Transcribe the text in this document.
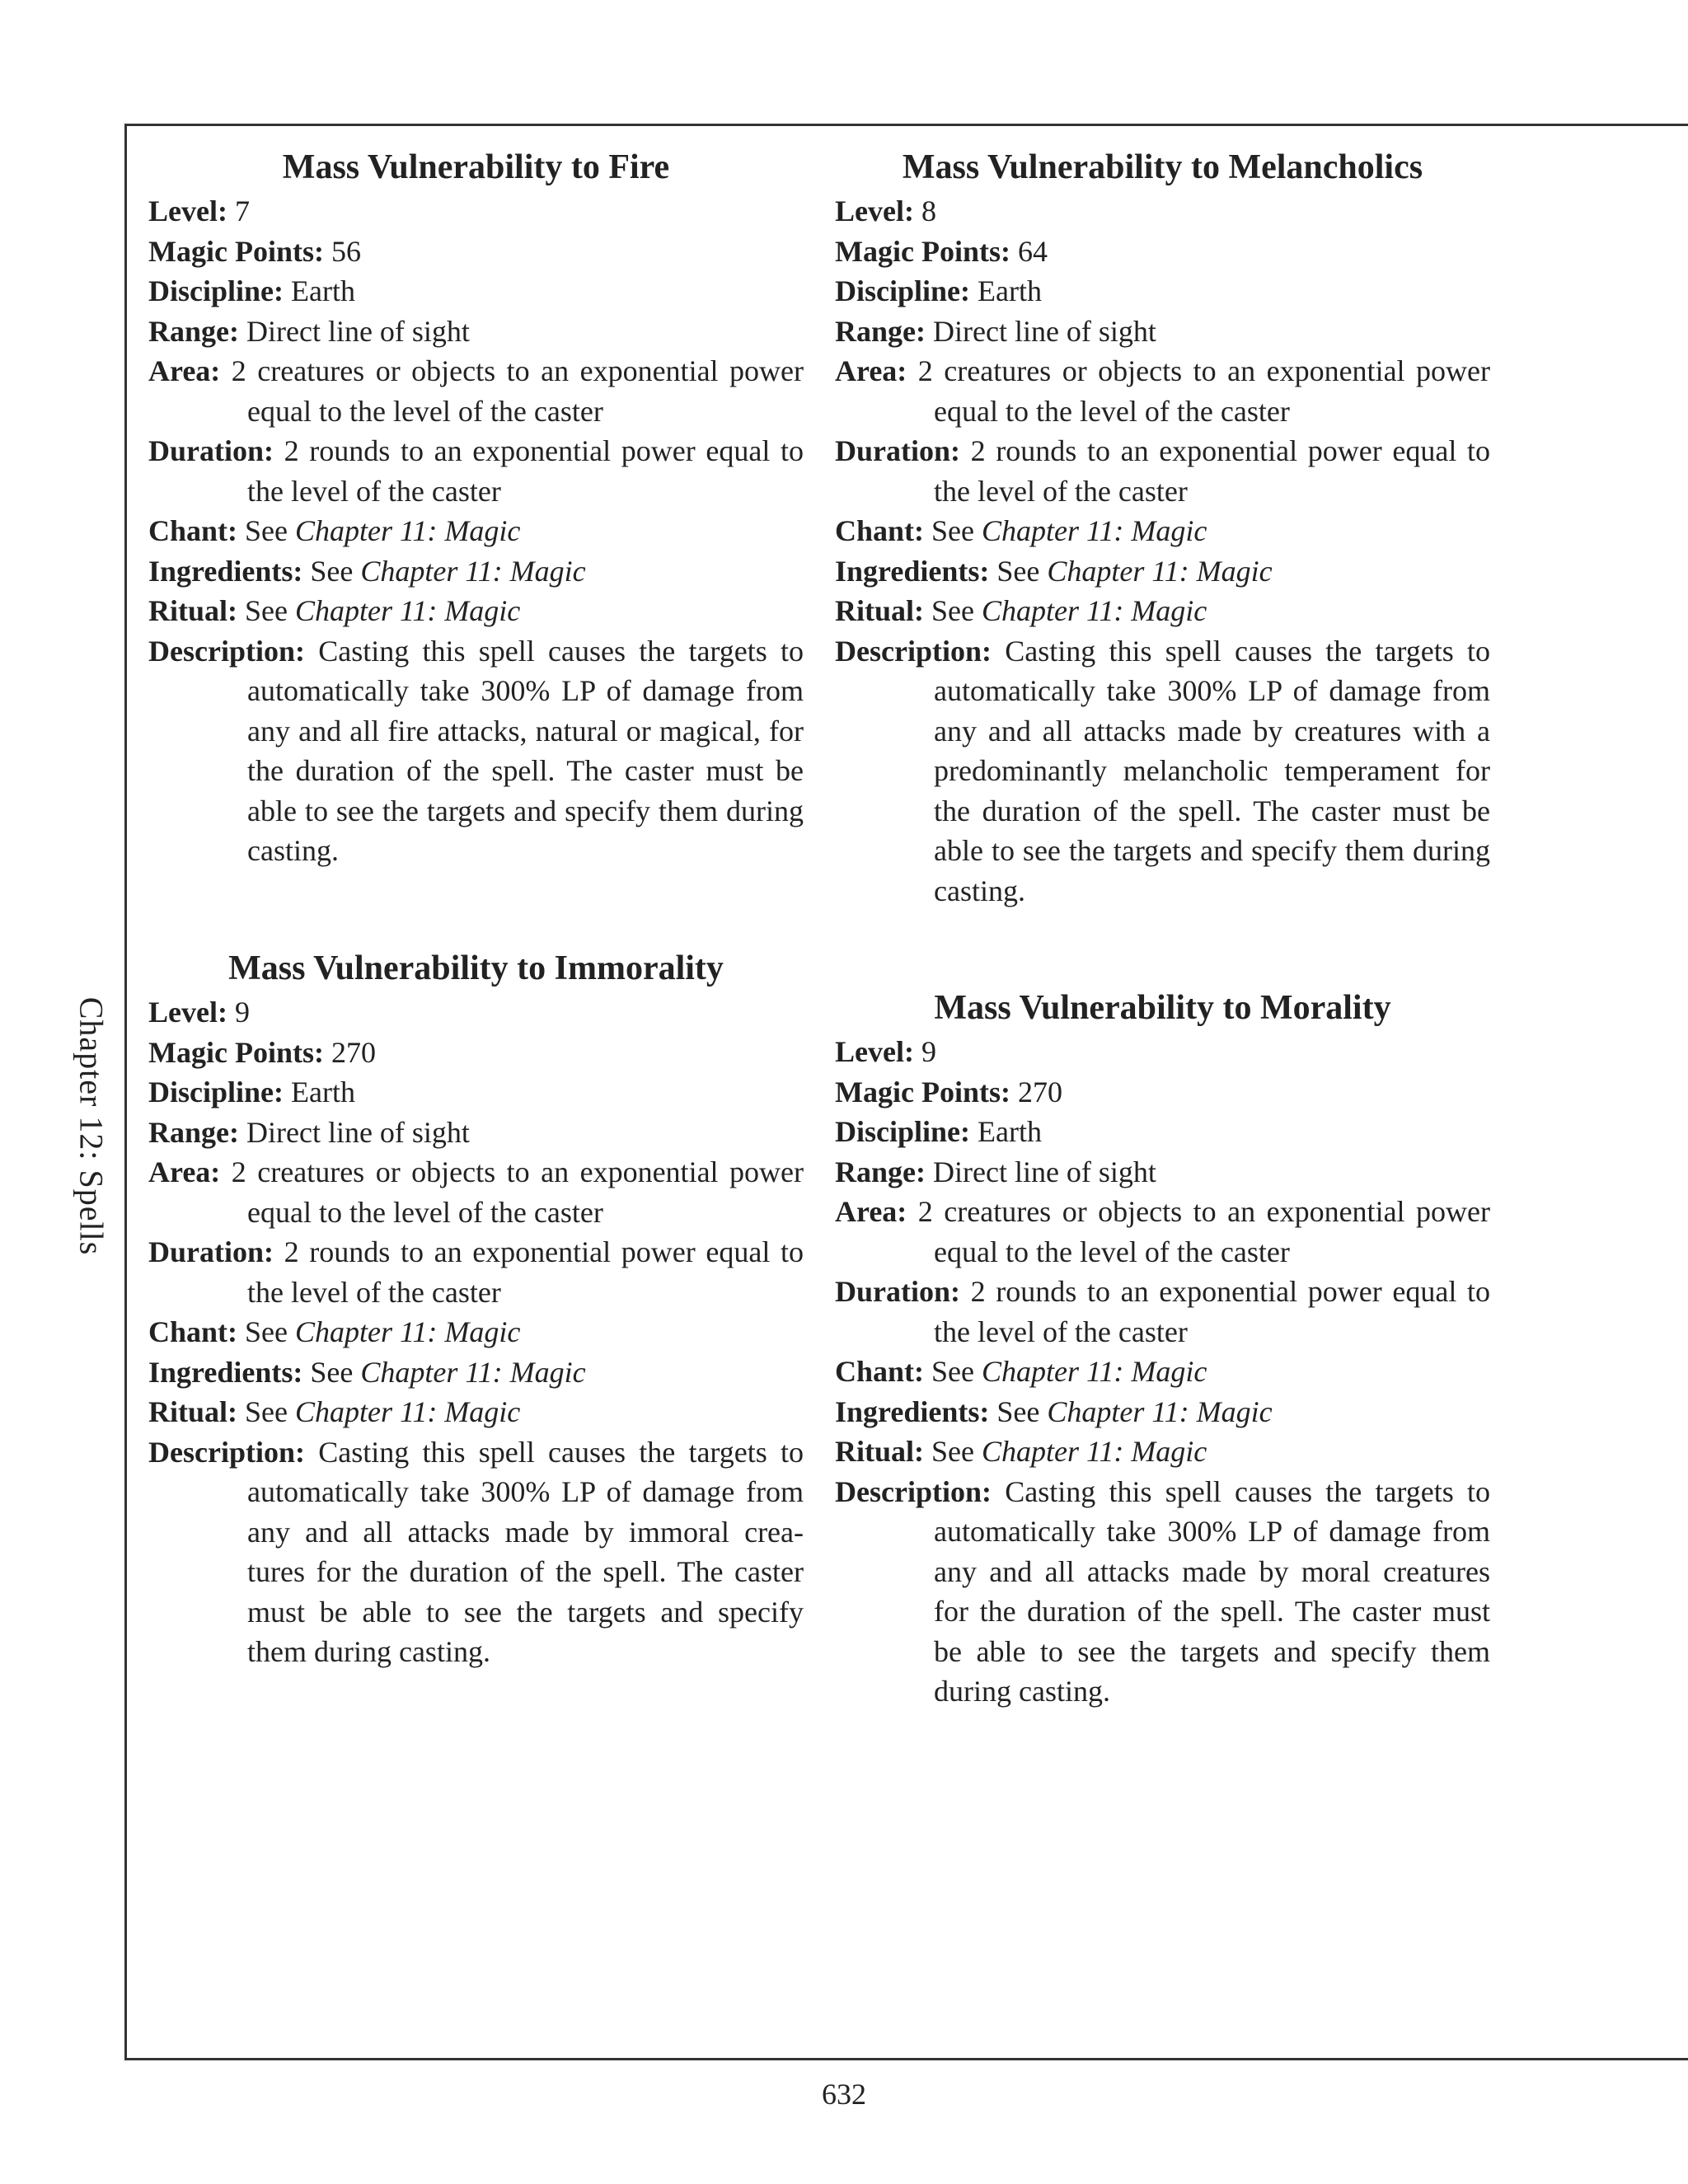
Chapter 12: Spells
Mass Vulnerability to Fire
Level: 7
Magic Points: 56
Discipline: Earth
Range: Direct line of sight
Area: 2 creatures or objects to an exponential power equal to the level of the caster
Duration: 2 rounds to an exponential power equal to the level of the caster
Chant: See Chapter 11: Magic
Ingredients: See Chapter 11: Magic
Ritual: See Chapter 11: Magic
Description: Casting this spell causes the targets to automatically take 300% LP of damage from any and all fire attacks, natural or magical, for the duration of the spell. The caster must be able to see the targets and specify them during casting.
Mass Vulnerability to Melancholics
Level: 8
Magic Points: 64
Discipline: Earth
Range: Direct line of sight
Area: 2 creatures or objects to an exponential power equal to the level of the caster
Duration: 2 rounds to an exponential power equal to the level of the caster
Chant: See Chapter 11: Magic
Ingredients: See Chapter 11: Magic
Ritual: See Chapter 11: Magic
Description: Casting this spell causes the targets to automatically take 300% LP of damage from any and all attacks made by creatures with a predominantly melancholic temperament for the duration of the spell. The caster must be able to see the targets and specify them during casting.
Mass Vulnerability to Immorality
Level: 9
Magic Points: 270
Discipline: Earth
Range: Direct line of sight
Area: 2 creatures or objects to an exponential power equal to the level of the caster
Duration: 2 rounds to an exponential power equal to the level of the caster
Chant: See Chapter 11: Magic
Ingredients: See Chapter 11: Magic
Ritual: See Chapter 11: Magic
Description: Casting this spell causes the targets to automatically take 300% LP of damage from any and all attacks made by immoral crea-tures for the duration of the spell. The caster must be able to see the targets and specify them during casting.
Mass Vulnerability to Morality
Level: 9
Magic Points: 270
Discipline: Earth
Range: Direct line of sight
Area: 2 creatures or objects to an exponential power equal to the level of the caster
Duration: 2 rounds to an exponential power equal to the level of the caster
Chant: See Chapter 11: Magic
Ingredients: See Chapter 11: Magic
Ritual: See Chapter 11: Magic
Description: Casting this spell causes the targets to automatically take 300% LP of damage from any and all attacks made by moral creatures for the duration of the spell. The caster must be able to see the targets and specify them during casting.
632
